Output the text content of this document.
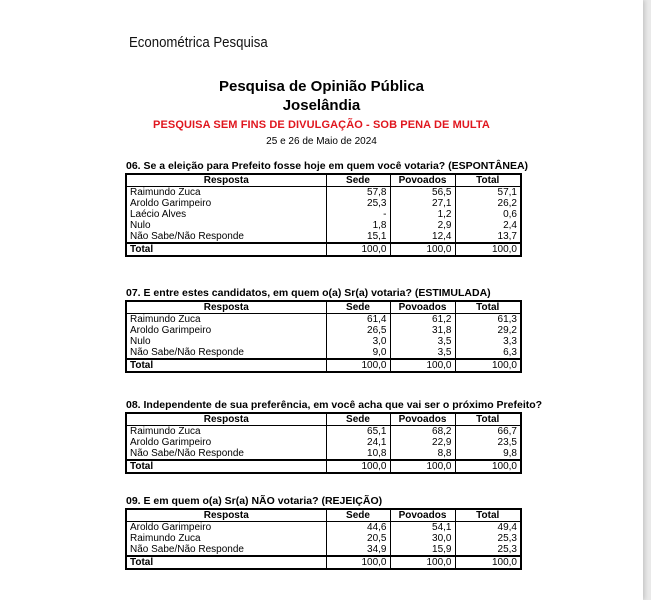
Econométrica Pesquisa
Pesquisa de Opinião Pública
Joselândia
PESQUISA SEM FINS DE DIVULGAÇÃO - SOB PENA DE MULTA
25 e 26 de Maio de 2024
06. Se a eleição para Prefeito fosse hoje em quem você votaria? (ESPONTÂNEA)
Resposta	Sede	Povoados	Total
Raimundo Zuca	57,8	56,5	57,1
Aroldo Garimpeiro	25,3	27,1	26,2
Laécio Alves	-	1,2	0,6
Nulo	1,8	2,9	2,4
Não Sabe/Não Responde	15,1	12,4	13,7
Total	100,0	100,0	100,0
07. E entre estes candidatos, em quem o(a) Sr(a) votaria? (ESTIMULADA)
Resposta	Sede	Povoados	Total
Raimundo Zuca	61,4	61,2	61,3
Aroldo Garimpeiro	26,5	31,8	29,2
Nulo	3,0	3,5	3,3
Não Sabe/Não Responde	9,0	3,5	6,3
Total	100,0	100,0	100,0
08. Independente de sua preferência, em você acha que vai ser o próximo Prefeito?
Resposta	Sede	Povoados	Total
Raimundo Zuca	65,1	68,2	66,7
Aroldo Garimpeiro	24,1	22,9	23,5
Não Sabe/Não Responde	10,8	8,8	9,8
Total	100,0	100,0	100,0
09. E em quem o(a) Sr(a) NÃO votaria? (REJEIÇÃO)
Resposta	Sede	Povoados	Total
Aroldo Garimpeiro	44,6	54,1	49,4
Raimundo Zuca	20,5	30,0	25,3
Não Sabe/Não Responde	34,9	15,9	25,3
Total	100,0	100,0	100,0
